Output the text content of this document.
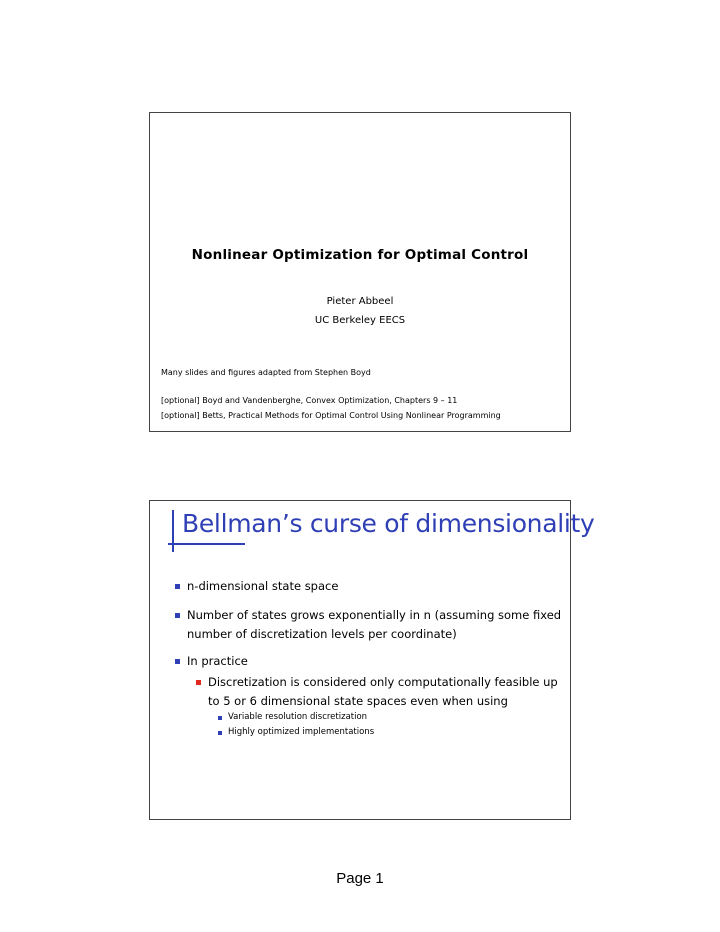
Nonlinear Optimization for Optimal Control
Pieter Abbeel
UC Berkeley EECS
Many slides and figures adapted from Stephen Boyd
[optional] Boyd and Vandenberghe, Convex Optimization, Chapters 9 – 11
[optional] Betts, Practical Methods for Optimal Control Using Nonlinear Programming
Bellman’s curse of dimensionality
n-dimensional state space
Number of states grows exponentially in n (assuming some fixed number of discretization levels per coordinate)
In practice
Discretization is considered only computationally feasible up to 5 or 6 dimensional state spaces even when using
Variable resolution discretization
Highly optimized implementations
Page 1
